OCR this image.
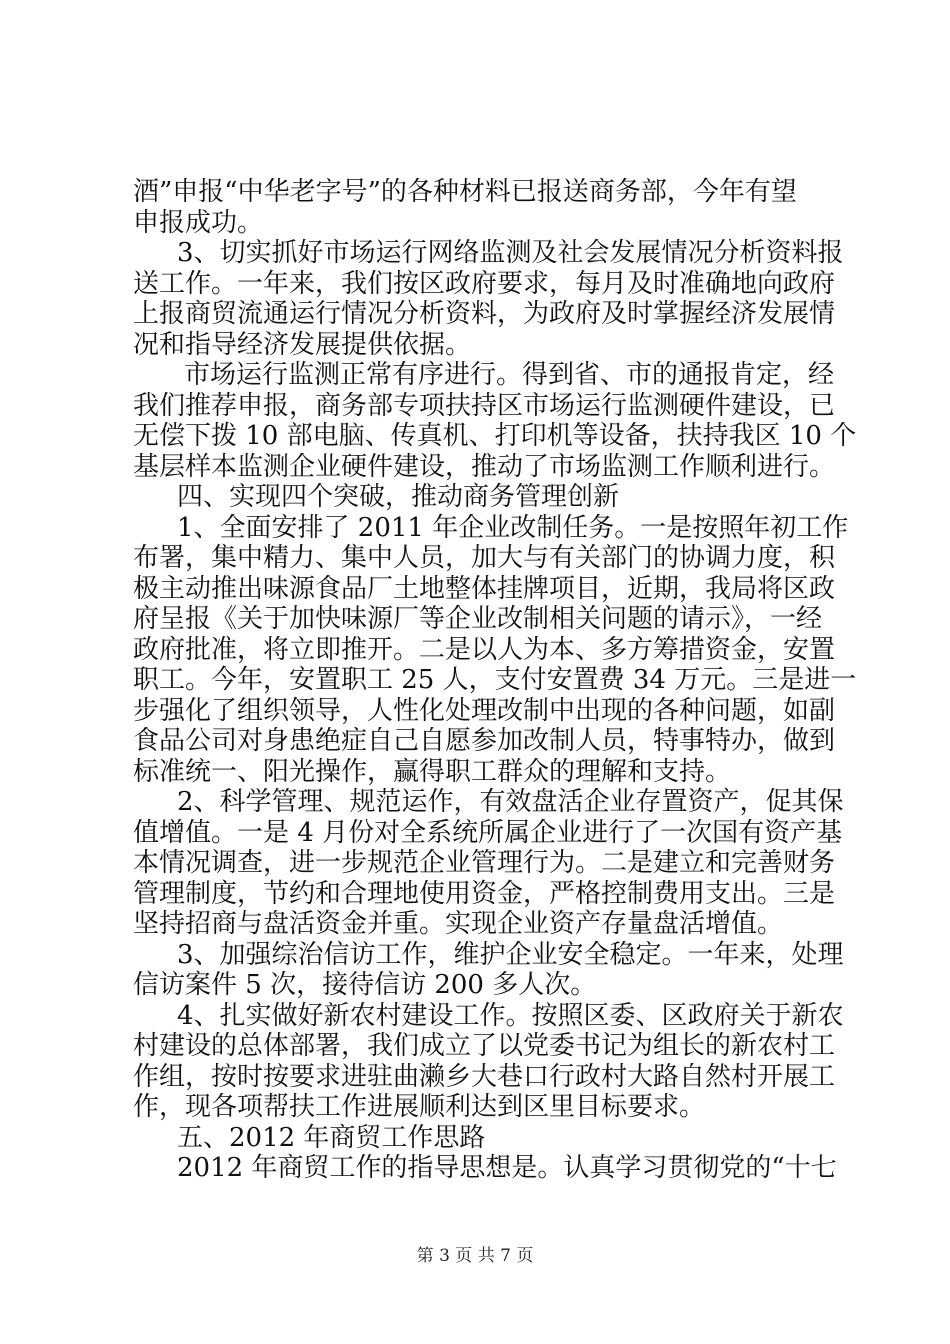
酒”申报“中华老字号”的各种材料已报送商务部，今年有望
申报成功。
3、切实抓好市场运行网络监测及社会发展情况分析资料报
送工作。一年来，我们按区政府要求，每月及时准确地向政府
上报商贸流通运行情况分析资料，为政府及时掌握经济发展情
况和指导经济发展提供依据。
市场运行监测正常有序进行。得到省、市的通报肯定，经
我们推荐申报，商务部专项扶持区市场运行监测硬件建设，已
无偿下拨 10 部电脑、传真机、打印机等设备，扶持我区 10 个
基层样本监测企业硬件建设，推动了市场监测工作顺利进行。
四、实现四个突破，推动商务管理创新
1、全面安排了 2011 年企业改制任务。一是按照年初工作
布署，集中精力、集中人员，加大与有关部门的协调力度，积
极主动推出味源食品厂土地整体挂牌项目，近期，我局将区政
府呈报《关于加快味源厂等企业改制相关问题的请示》，一经
政府批准，将立即推开。二是以人为本、多方筹措资金，安置
职工。今年，安置职工 25 人，支付安置费 34 万元。三是进一
步强化了组织领导，人性化处理改制中出现的各种问题，如副
食品公司对身患绝症自己自愿参加改制人员，特事特办，做到
标准统一、阳光操作，赢得职工群众的理解和支持。
2、科学管理、规范运作，有效盘活企业存置资产，促其保
值增值。一是 4 月份对全系统所属企业进行了一次国有资产基
本情况调查，进一步规范企业管理行为。二是建立和完善财务
管理制度，节约和合理地使用资金，严格控制费用支出。三是
坚持招商与盘活资金并重。实现企业资产存量盘活增值。
3、加强综治信访工作，维护企业安全稳定。一年来，处理
信访案件 5 次，接待信访 200 多人次。
4、扎实做好新农村建设工作。按照区委、区政府关于新农
村建设的总体部署，我们成立了以党委书记为组长的新农村工
作组，按时按要求进驻曲濑乡大巷口行政村大路自然村开展工
作，现各项帮扶工作进展顺利达到区里目标要求。
五、2012 年商贸工作思路
2012 年商贸工作的指导思想是。认真学习贯彻党的“十七
第 3 页 共 7 页
